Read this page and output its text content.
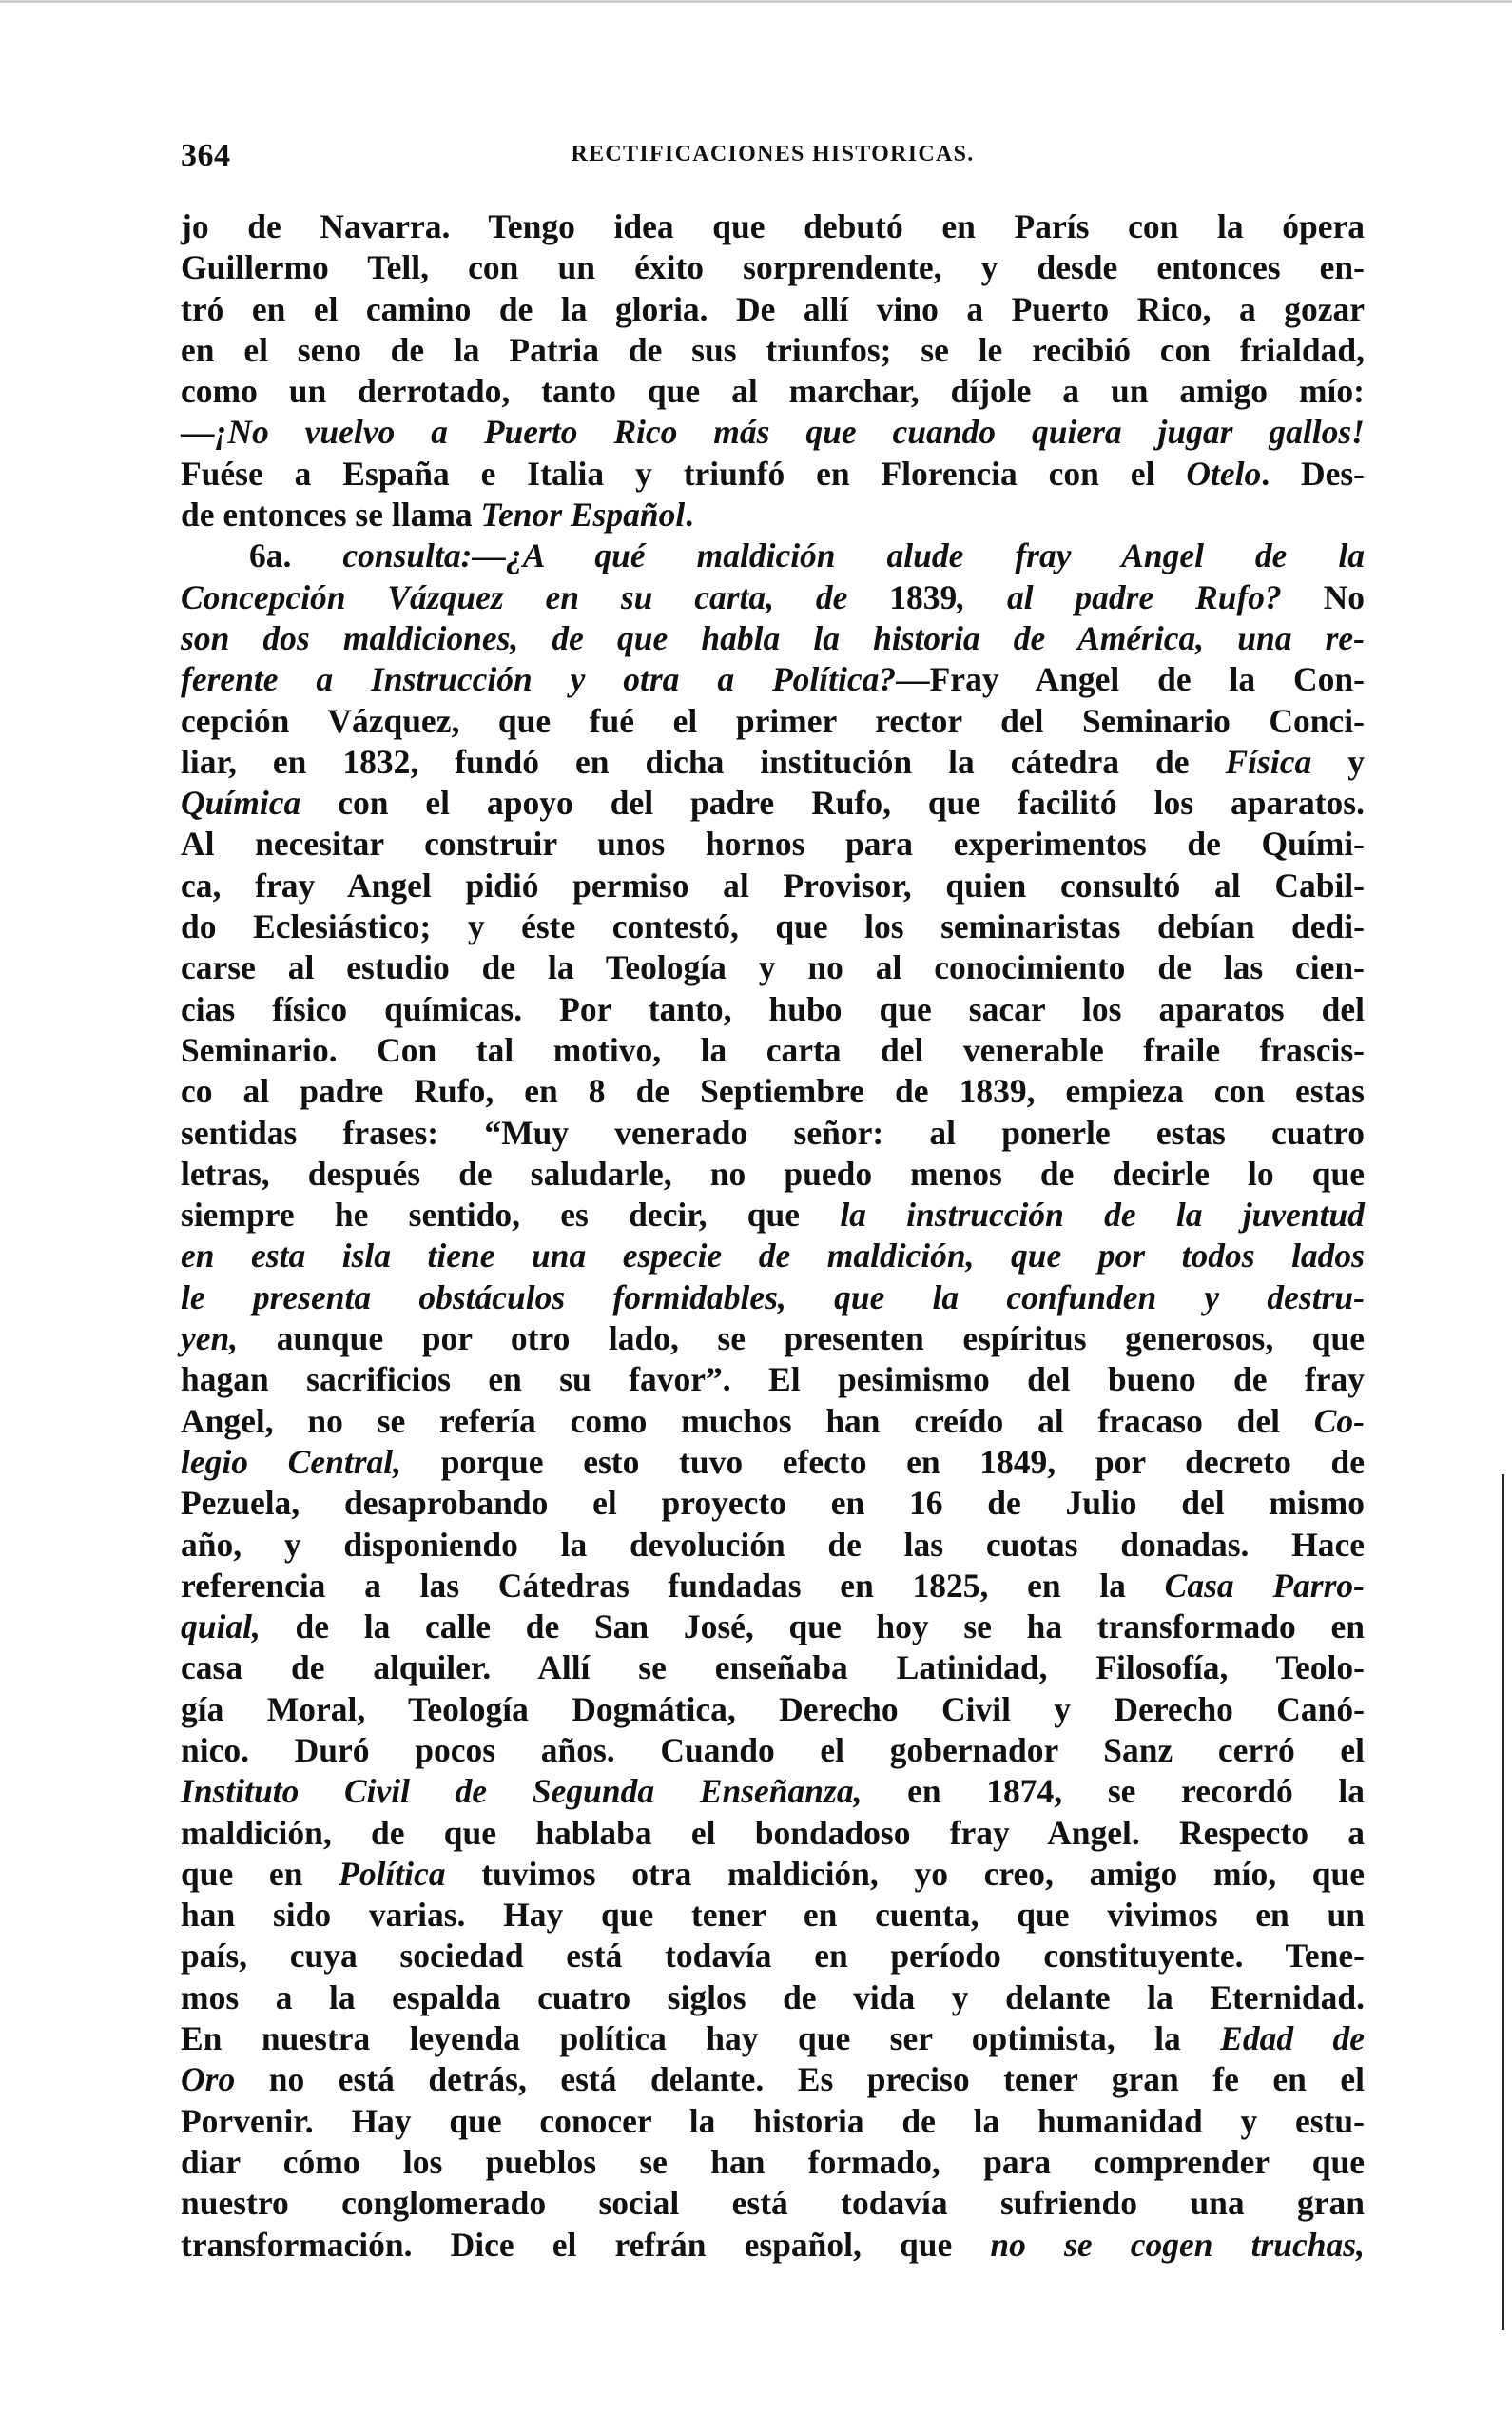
364	RECTIFICACIONES HISTORICAS.
jo de Navarra. Tengo idea que debutó en París con la ópera
Guillermo Tell, con un éxito sorprendente, y desde entonces en-
tró en el camino de la gloria. De allí vino a Puerto Rico, a gozar
en el seno de la Patria de sus triunfos; se le recibió con frialdad,
como un derrotado, tanto que al marchar, díjole a un amigo mío:
—¡No vuelvo a Puerto Rico más que cuando quiera jugar gallos!
Fuése a España e Italia y triunfó en Florencia con el Otelo. Des-
de entonces se llama Tenor Español.
6a. consulta:—¿A qué maldición alude fray Angel de la
Concepción Vázquez en su carta, de 1839, al padre Rufo? No
son dos maldiciones, de que habla la historia de América, una re-
ferente a Instrucción y otra a Política?—Fray Angel de la Con-
cepción Vázquez, que fué el primer rector del Seminario Conci-
liar, en 1832, fundó en dicha institución la cátedra de Física y
Química con el apoyo del padre Rufo, que facilitó los aparatos.
Al necesitar construir unos hornos para experimentos de Quími-
ca, fray Angel pidió permiso al Provisor, quien consultó al Cabil-
do Eclesiástico; y éste contestó, que los seminaristas debían dedi-
carse al estudio de la Teología y no al conocimiento de las cien-
cias físico químicas. Por tanto, hubo que sacar los aparatos del
Seminario. Con tal motivo, la carta del venerable fraile frascis-
co al padre Rufo, en 8 de Septiembre de 1839, empieza con estas
sentidas frases: “Muy venerado señor: al ponerle estas cuatro
letras, después de saludarle, no puedo menos de decirle lo que
siempre he sentido, es decir, que la instrucción de la juventud
en esta isla tiene una especie de maldición, que por todos lados
le presenta obstáculos formidables, que la confunden y destru-
yen, aunque por otro lado, se presenten espíritus generosos, que
hagan sacrificios en su favor”. El pesimismo del bueno de fray
Angel, no se refería como muchos han creído al fracaso del Co-
legio Central, porque esto tuvo efecto en 1849, por decreto de
Pezuela, desaprobando el proyecto en 16 de Julio del mismo
año, y disponiendo la devolución de las cuotas donadas. Hace
referencia a las Cátedras fundadas en 1825, en la Casa Parro-
quial, de la calle de San José, que hoy se ha transformado en
casa de alquiler. Allí se enseñaba Latinidad, Filosofía, Teolo-
gía Moral, Teología Dogmática, Derecho Civil y Derecho Canó-
nico. Duró pocos años. Cuando el gobernador Sanz cerró el
Instituto Civil de Segunda Enseñanza, en 1874, se recordó la
maldición, de que hablaba el bondadoso fray Angel. Respecto a
que en Política tuvimos otra maldición, yo creo, amigo mío, que
han sido varias. Hay que tener en cuenta, que vivimos en un
país, cuya sociedad está todavía en período constituyente. Tene-
mos a la espalda cuatro siglos de vida y delante la Eternidad.
En nuestra leyenda política hay que ser optimista, la Edad de
Oro no está detrás, está delante. Es preciso tener gran fe en el
Porvenir. Hay que conocer la historia de la humanidad y estu-
diar cómo los pueblos se han formado, para comprender que
nuestro conglomerado social está todavía sufriendo una gran
transformación. Dice el refrán español, que no se cogen truchas,
